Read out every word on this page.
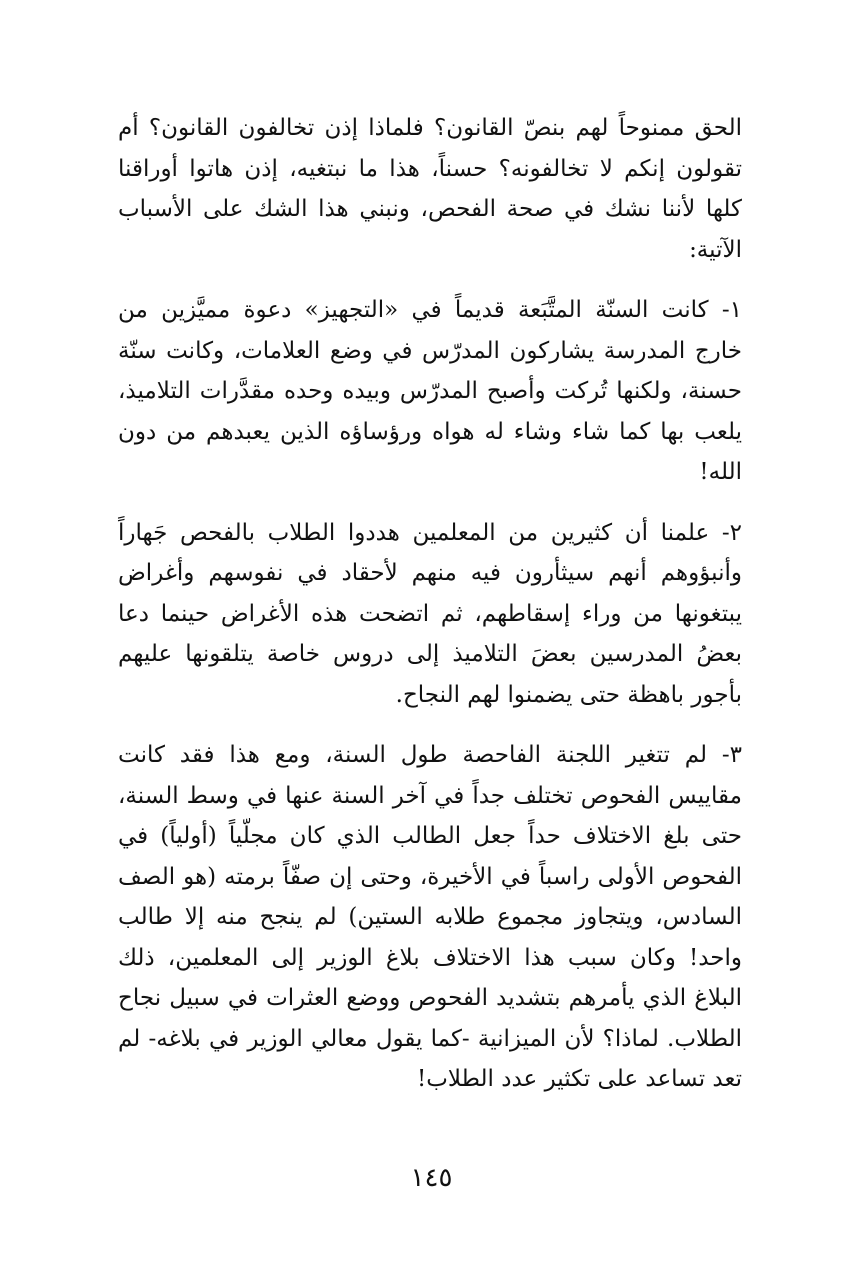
الحق ممنوحاً لهم بنصّ القانون؟ فلماذا إذن تخالفون القانون؟ أم تقولون إنكم لا تخالفونه؟ حسناً، هذا ما نبتغيه، إذن هاتوا أوراقنا كلها لأننا نشك في صحة الفحص، ونبني هذا الشك على الأسباب الآتية:

١- كانت السنّة المتَّبَعة قديماً في «التجهيز» دعوة مميَّزين من خارج المدرسة يشاركون المدرّس في وضع العلامات، وكانت سنّة حسنة، ولكنها تُركت وأصبح المدرّس وبيده وحده مقدَّرات التلاميذ، يلعب بها كما شاء وشاء له هواه ورؤساؤه الذين يعبدهم من دون الله!

٢- علمنا أن كثيرين من المعلمين هددوا الطلاب بالفحص جَهاراً وأنبؤوهم أنهم سيثأرون فيه منهم لأحقاد في نفوسهم وأغراض يبتغونها من وراء إسقاطهم، ثم اتضحت هذه الأغراض حينما دعا بعضُ المدرسين بعضَ التلاميذ إلى دروس خاصة يتلقونها عليهم بأجور باهظة حتى يضمنوا لهم النجاح.

٣- لم تتغير اللجنة الفاحصة طول السنة، ومع هذا فقد كانت مقاييس الفحوص تختلف جداً في آخر السنة عنها في وسط السنة، حتى بلغ الاختلاف حداً جعل الطالب الذي كان مجلّياً (أولياً) في الفحوص الأولى راسباً في الأخيرة، وحتى إن صفّاً برمته (هو الصف السادس، ويتجاوز مجموع طلابه الستين) لم ينجح منه إلا طالب واحد! وكان سبب هذا الاختلاف بلاغ الوزير إلى المعلمين، ذلك البلاغ الذي يأمرهم بتشديد الفحوص ووضع العثرات في سبيل نجاح الطلاب. لماذا؟ لأن الميزانية -كما يقول معالي الوزير في بلاغه- لم تعد تساعد على تكثير عدد الطلاب!

١٤٥
